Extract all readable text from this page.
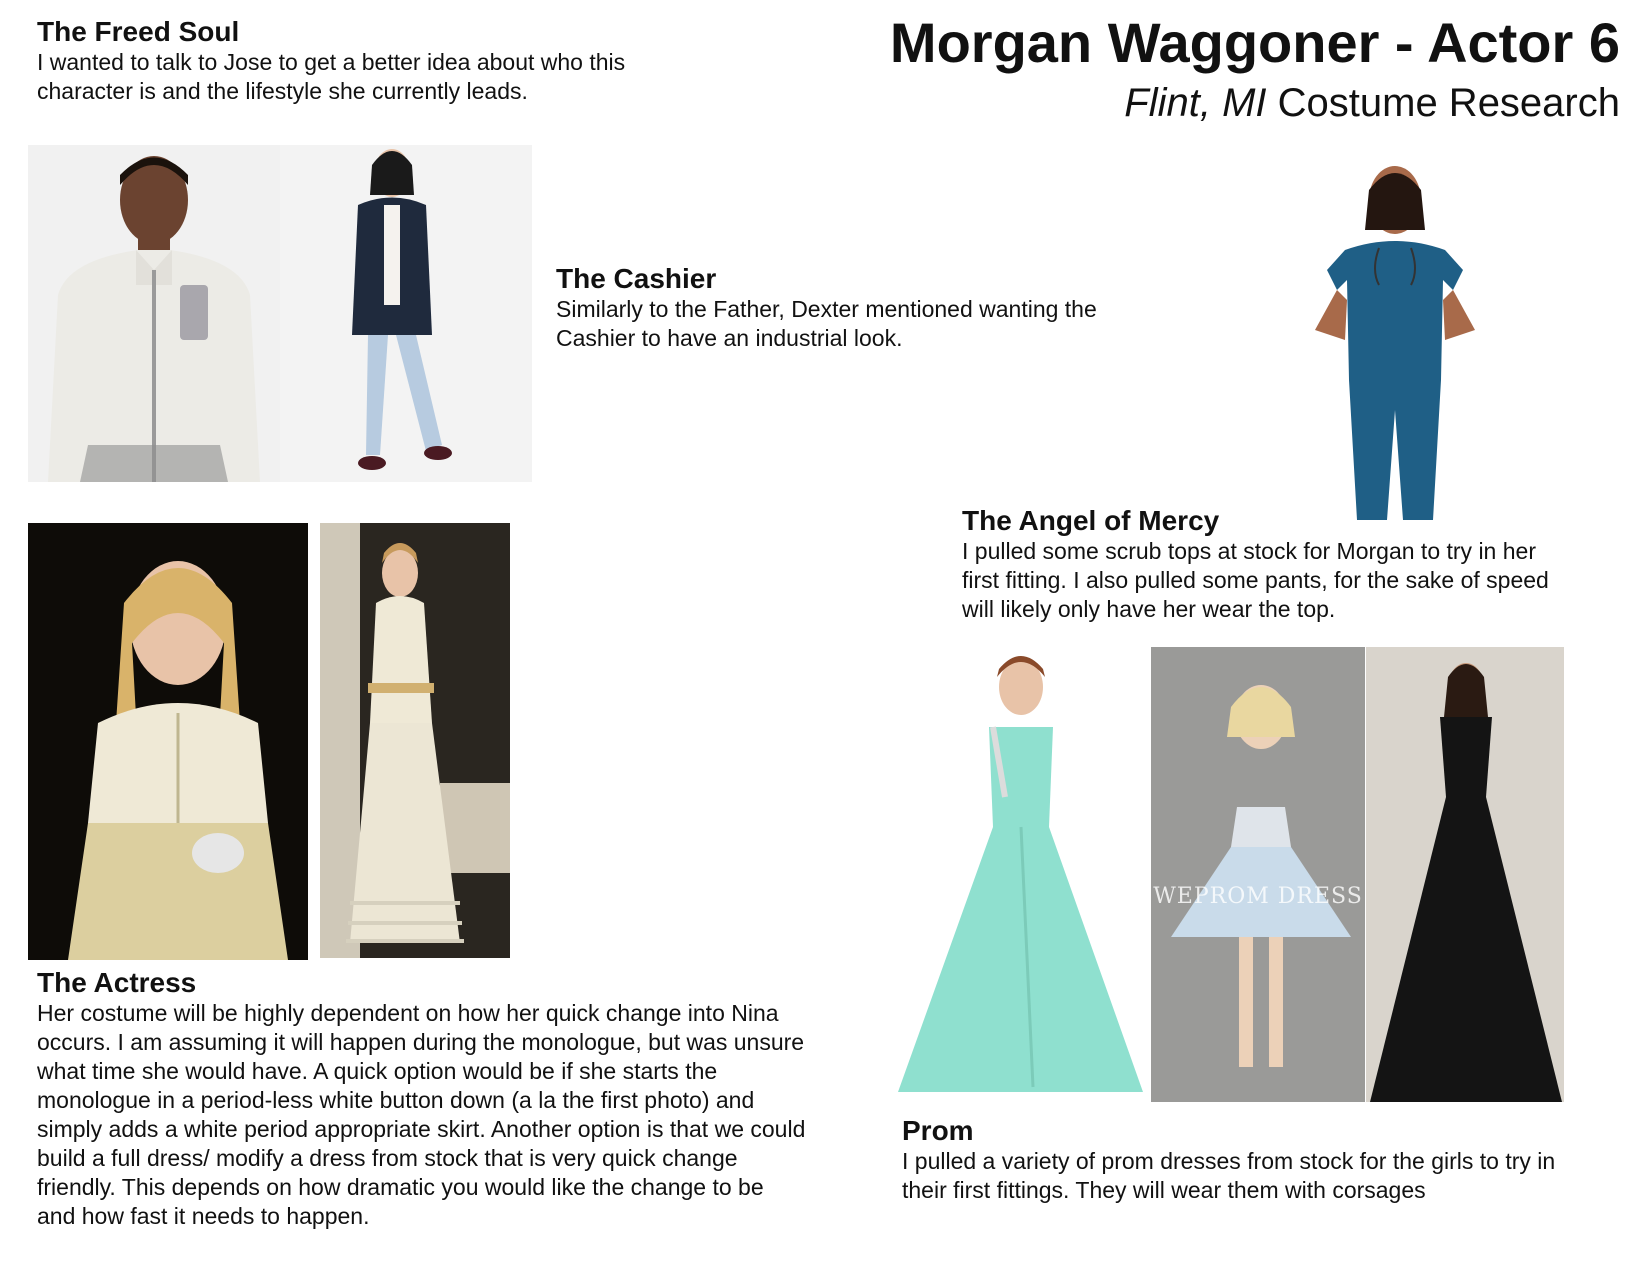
Morgan Waggoner - Actor 6
Flint, MI Costume Research
The Freed Soul
I wanted to talk to Jose to get a better idea about who this character is and the lifestyle she currently leads.
The Cashier
Similarly to the Father, Dexter mentioned wanting the Cashier to have an industrial look.
The Angel of Mercy
I pulled some scrub tops at stock for Morgan to try in her first fitting. I also pulled some pants, for the sake of speed will likely only have her wear the top.
The Actress
Her costume will be highly dependent on how her quick change into Nina occurs. I am assuming it will happen during the monologue, but was unsure what time she would have. A quick option would be if she starts the monologue in a period-less white button down (a la the first photo) and simply adds a white period appropriate skirt. Another option is that we could build a full dress/ modify a dress from stock that is very quick change friendly. This depends on how dramatic you would like the change to be and how fast it needs to happen.
WEPROM DRESS
Prom
I pulled a variety of prom dresses from stock for the girls to try in their first fittings. They will wear them with corsages
